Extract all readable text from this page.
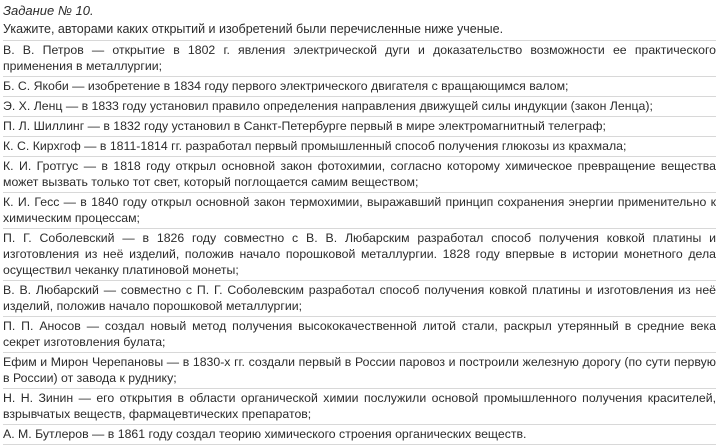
Задание № 10.
Укажите, авторами каких открытий и изобретений были перечисленные ниже ученые.
В. В. Петров — открытие в 1802 г. явления электрической дуги и доказательство возможности ее практического применения в металлургии;
Б. С. Якоби — изобретение в 1834 году первого электрического двигателя с вращающимся валом;
Э. Х. Ленц — в 1833 году установил правило определения направления движущей силы индукции (закон Ленца);
П. Л. Шиллинг — в 1832 году установил в Санкт-Петербурге первый в мире электромагнитный телеграф;
К. С. Кирхгоф — в 1811-1814 гг. разработал первый промышленный способ получения глюкозы из крахмала;
К. И. Гротгус — в 1818 году открыл основной закон фотохимии, согласно которому химическое превращение вещества может вызвать только тот свет, который поглощается самим веществом;
К. И. Гесс — в 1840 году открыл основной закон термохимии, выражавший принцип сохранения энергии применительно к химическим процессам;
П. Г. Соболевский — в 1826 году совместно с В. В. Любарским разработал способ получения ковкой платины и изготовления из неё изделий, положив начало порошковой металлургии. 1828 году впервые в истории монетного дела осуществил чеканку платиновой монеты;
В. В. Любарский — совместно с П. Г. Соболевским разработал способ получения ковкой платины и изготовления из неё изделий, положив начало порошковой металлургии;
П. П. Аносов — создал новый метод получения высококачественной литой стали, раскрыл утерянный в средние века секрет изготовления булата;
Ефим и Мирон Черепановы — в 1830-х гг. создали первый в России паровоз и построили железную дорогу (по сути первую в России) от завода к руднику;
Н. Н. Зинин — его открытия в области органической химии послужили основой промышленного получения красителей, взрывчатых веществ, фармацевтических препаратов;
А. М. Бутлеров — в 1861 году создал теорию химического строения органических веществ.
